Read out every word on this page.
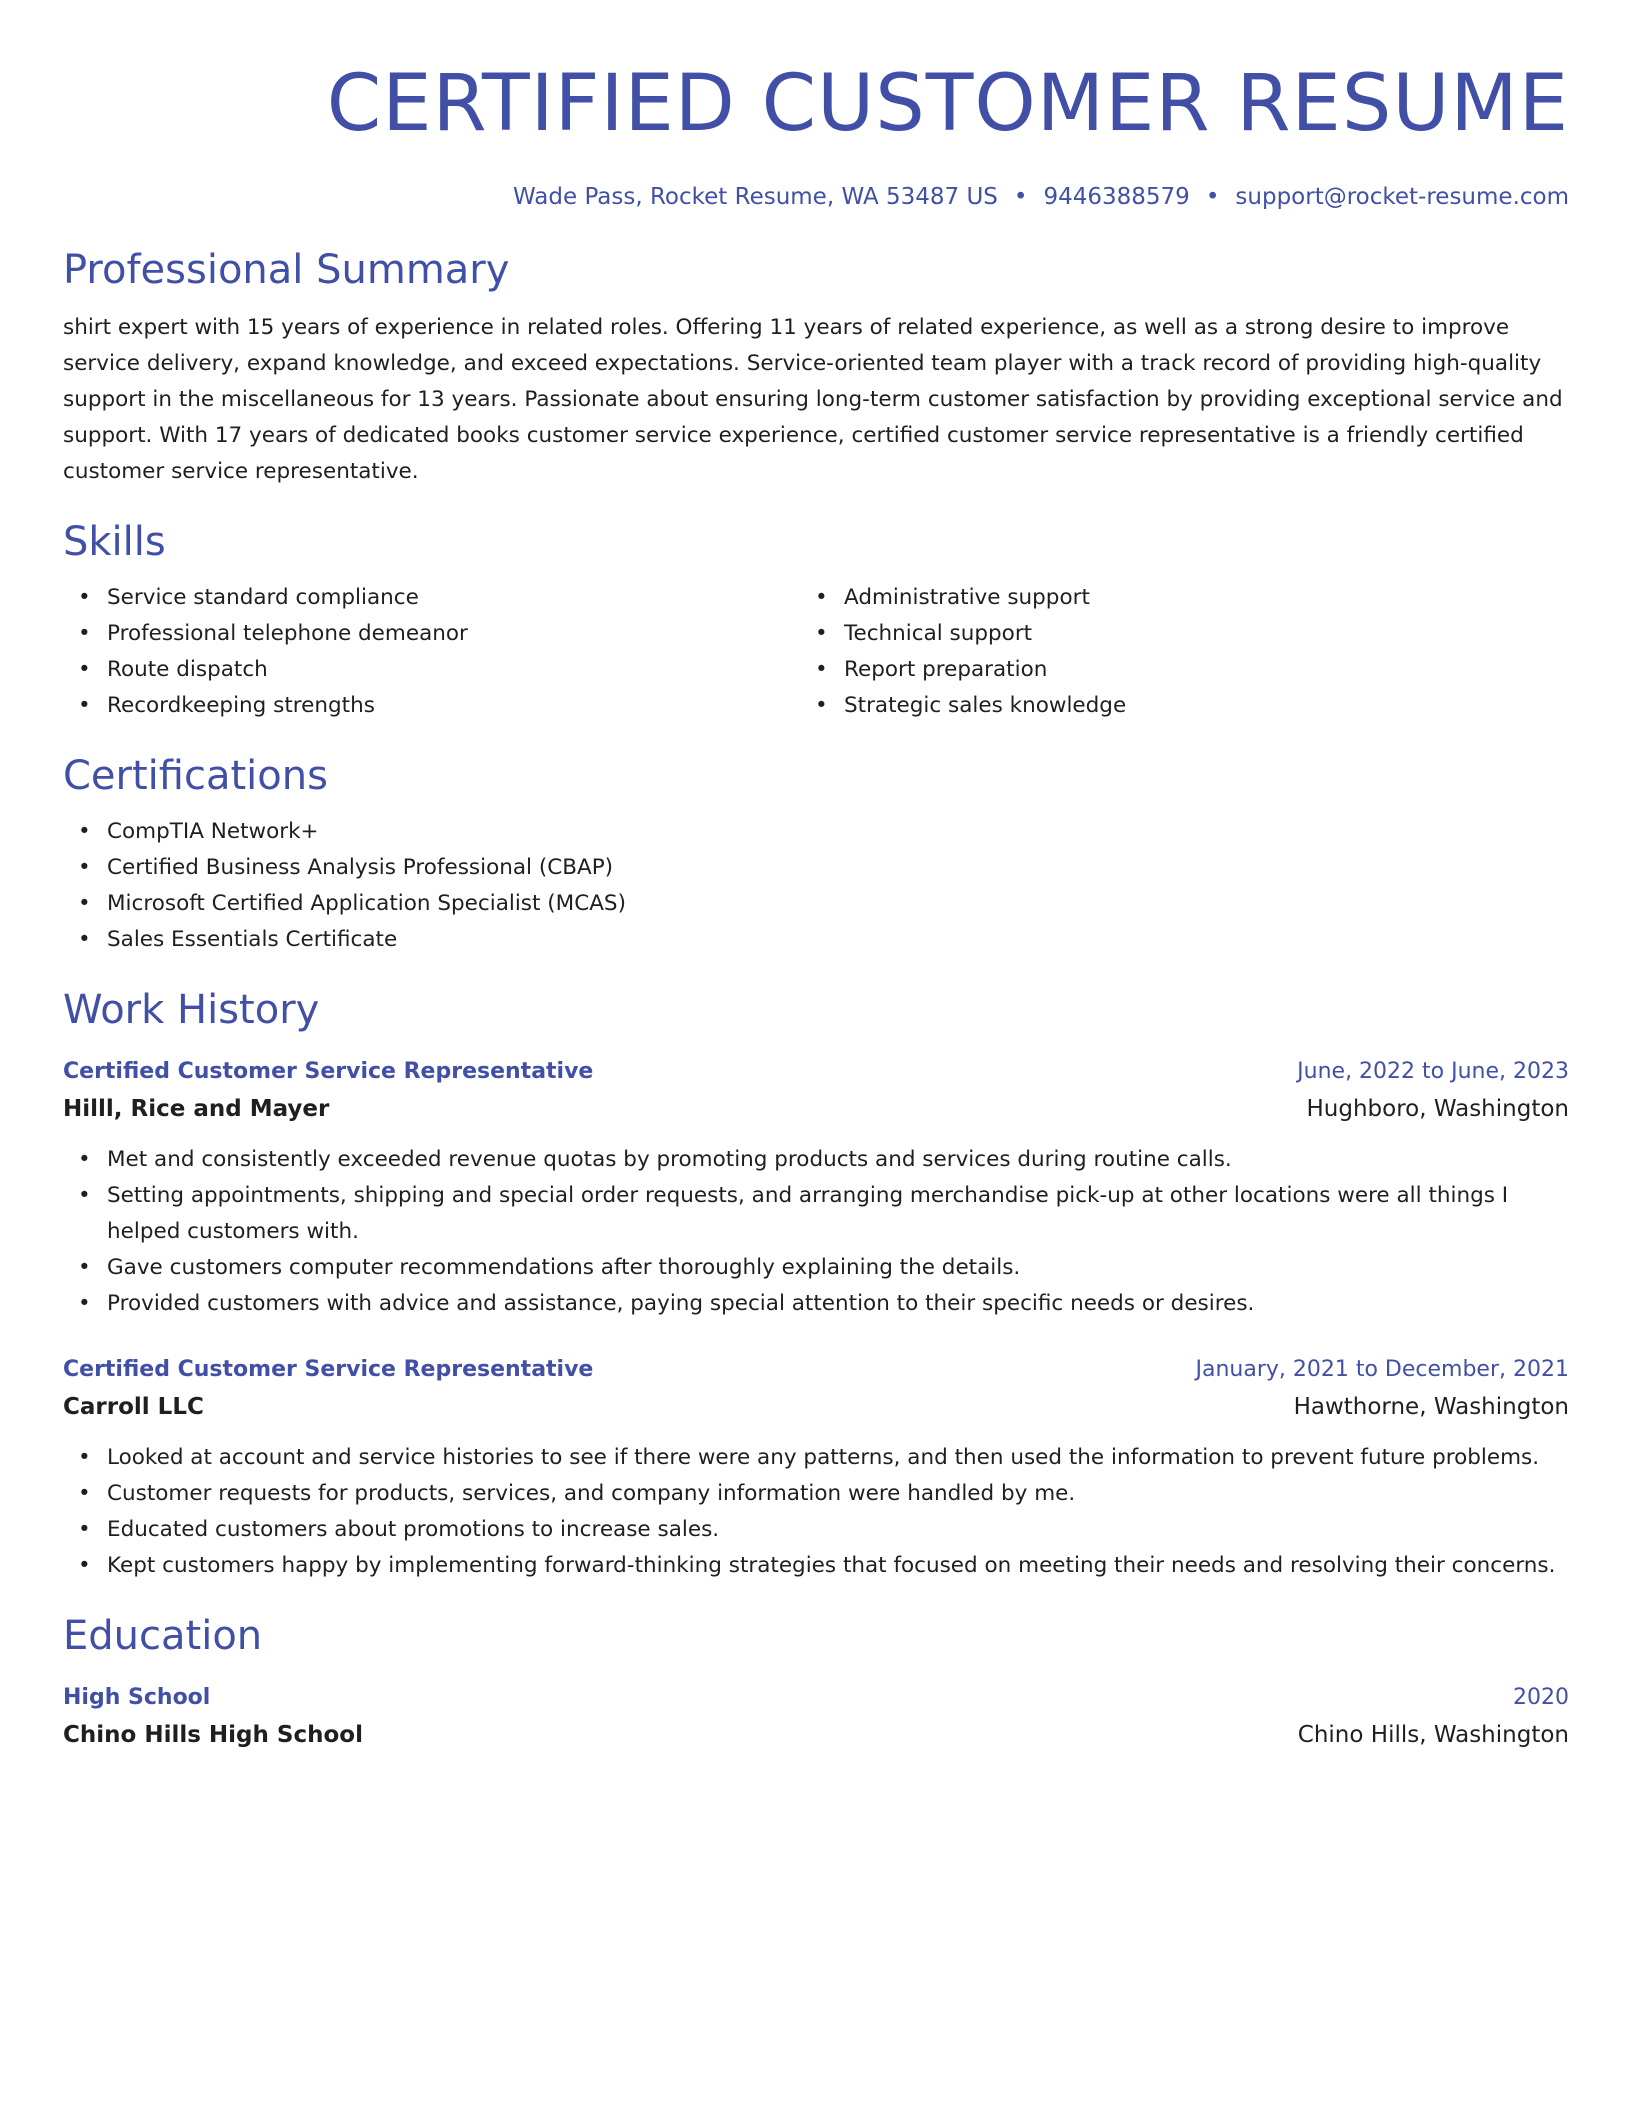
CERTIFIED CUSTOMER RESUME
Wade Pass, Rocket Resume, WA 53487 US • 9446388579 • support@rocket-resume.com
Professional Summary
shirt expert with 15 years of experience in related roles. Offering 11 years of related experience, as well as a strong desire to improve service delivery, expand knowledge, and exceed expectations. Service-oriented team player with a track record of providing high-quality support in the miscellaneous for 13 years. Passionate about ensuring long-term customer satisfaction by providing exceptional service and support. With 17 years of dedicated books customer service experience, certified customer service representative is a friendly certified customer service representative.
Skills
• Service standard compliance
• Professional telephone demeanor
• Route dispatch
• Recordkeeping strengths
• Administrative support
• Technical support
• Report preparation
• Strategic sales knowledge
Certifications
• CompTIA Network+
• Certified Business Analysis Professional (CBAP)
• Microsoft Certified Application Specialist (MCAS)
• Sales Essentials Certificate
Work History
Certified Customer Service Representative	June, 2022 to June, 2023
Hilll, Rice and Mayer	Hughboro, Washington
• Met and consistently exceeded revenue quotas by promoting products and services during routine calls.
• Setting appointments, shipping and special order requests, and arranging merchandise pick-up at other locations were all things I helped customers with.
• Gave customers computer recommendations after thoroughly explaining the details.
• Provided customers with advice and assistance, paying special attention to their specific needs or desires.
Certified Customer Service Representative	January, 2021 to December, 2021
Carroll LLC	Hawthorne, Washington
• Looked at account and service histories to see if there were any patterns, and then used the information to prevent future problems.
• Customer requests for products, services, and company information were handled by me.
• Educated customers about promotions to increase sales.
• Kept customers happy by implementing forward-thinking strategies that focused on meeting their needs and resolving their concerns.
Education
High School	2020
Chino Hills High School	Chino Hills, Washington
